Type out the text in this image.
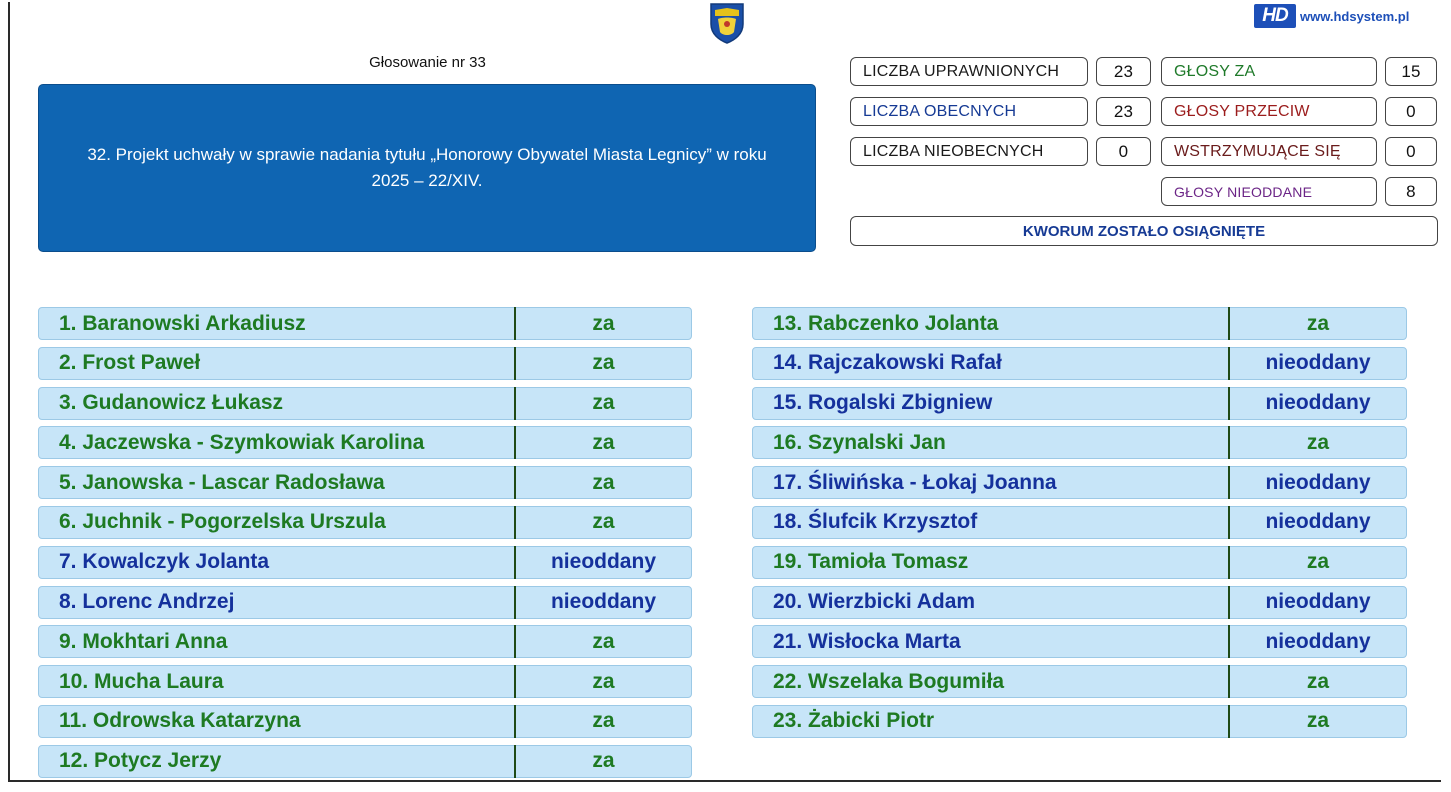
HD www.hdsystem.pl
Głosowanie nr 33
32. Projekt uchwały w sprawie nadania tytułu „Honorowy Obywatel Miasta Legnicy” w roku 2025 – 22/XIV.
LICZBA UPRAWNIONYCH	23
LICZBA OBECNYCH	23
LICZBA NIEOBECNYCH	0
GŁOSY ZA	15
GŁOSY PRZECIW	0
WSTRZYMUJĄCE SIĘ	0
GŁOSY NIEODDANE	8
KWORUM ZOSTAŁO OSIĄGNIĘTE
1. Baranowski Arkadiusz	za
2. Frost Paweł	za
3. Gudanowicz Łukasz	za
4. Jaczewska - Szymkowiak Karolina	za
5. Janowska - Lascar Radosława	za
6. Juchnik - Pogorzelska Urszula	za
7. Kowalczyk Jolanta	nieoddany
8. Lorenc Andrzej	nieoddany
9. Mokhtari Anna	za
10. Mucha Laura	za
11. Odrowska Katarzyna	za
12. Potycz Jerzy	za
13. Rabczenko Jolanta	za
14. Rajczakowski Rafał	nieoddany
15. Rogalski Zbigniew	nieoddany
16. Szynalski Jan	za
17. Śliwińska - Łokaj Joanna	nieoddany
18. Ślufcik Krzysztof	nieoddany
19. Tamioła Tomasz	za
20. Wierzbicki Adam	nieoddany
21. Wisłocka Marta	nieoddany
22. Wszelaka Bogumiła	za
23. Żabicki Piotr	za
